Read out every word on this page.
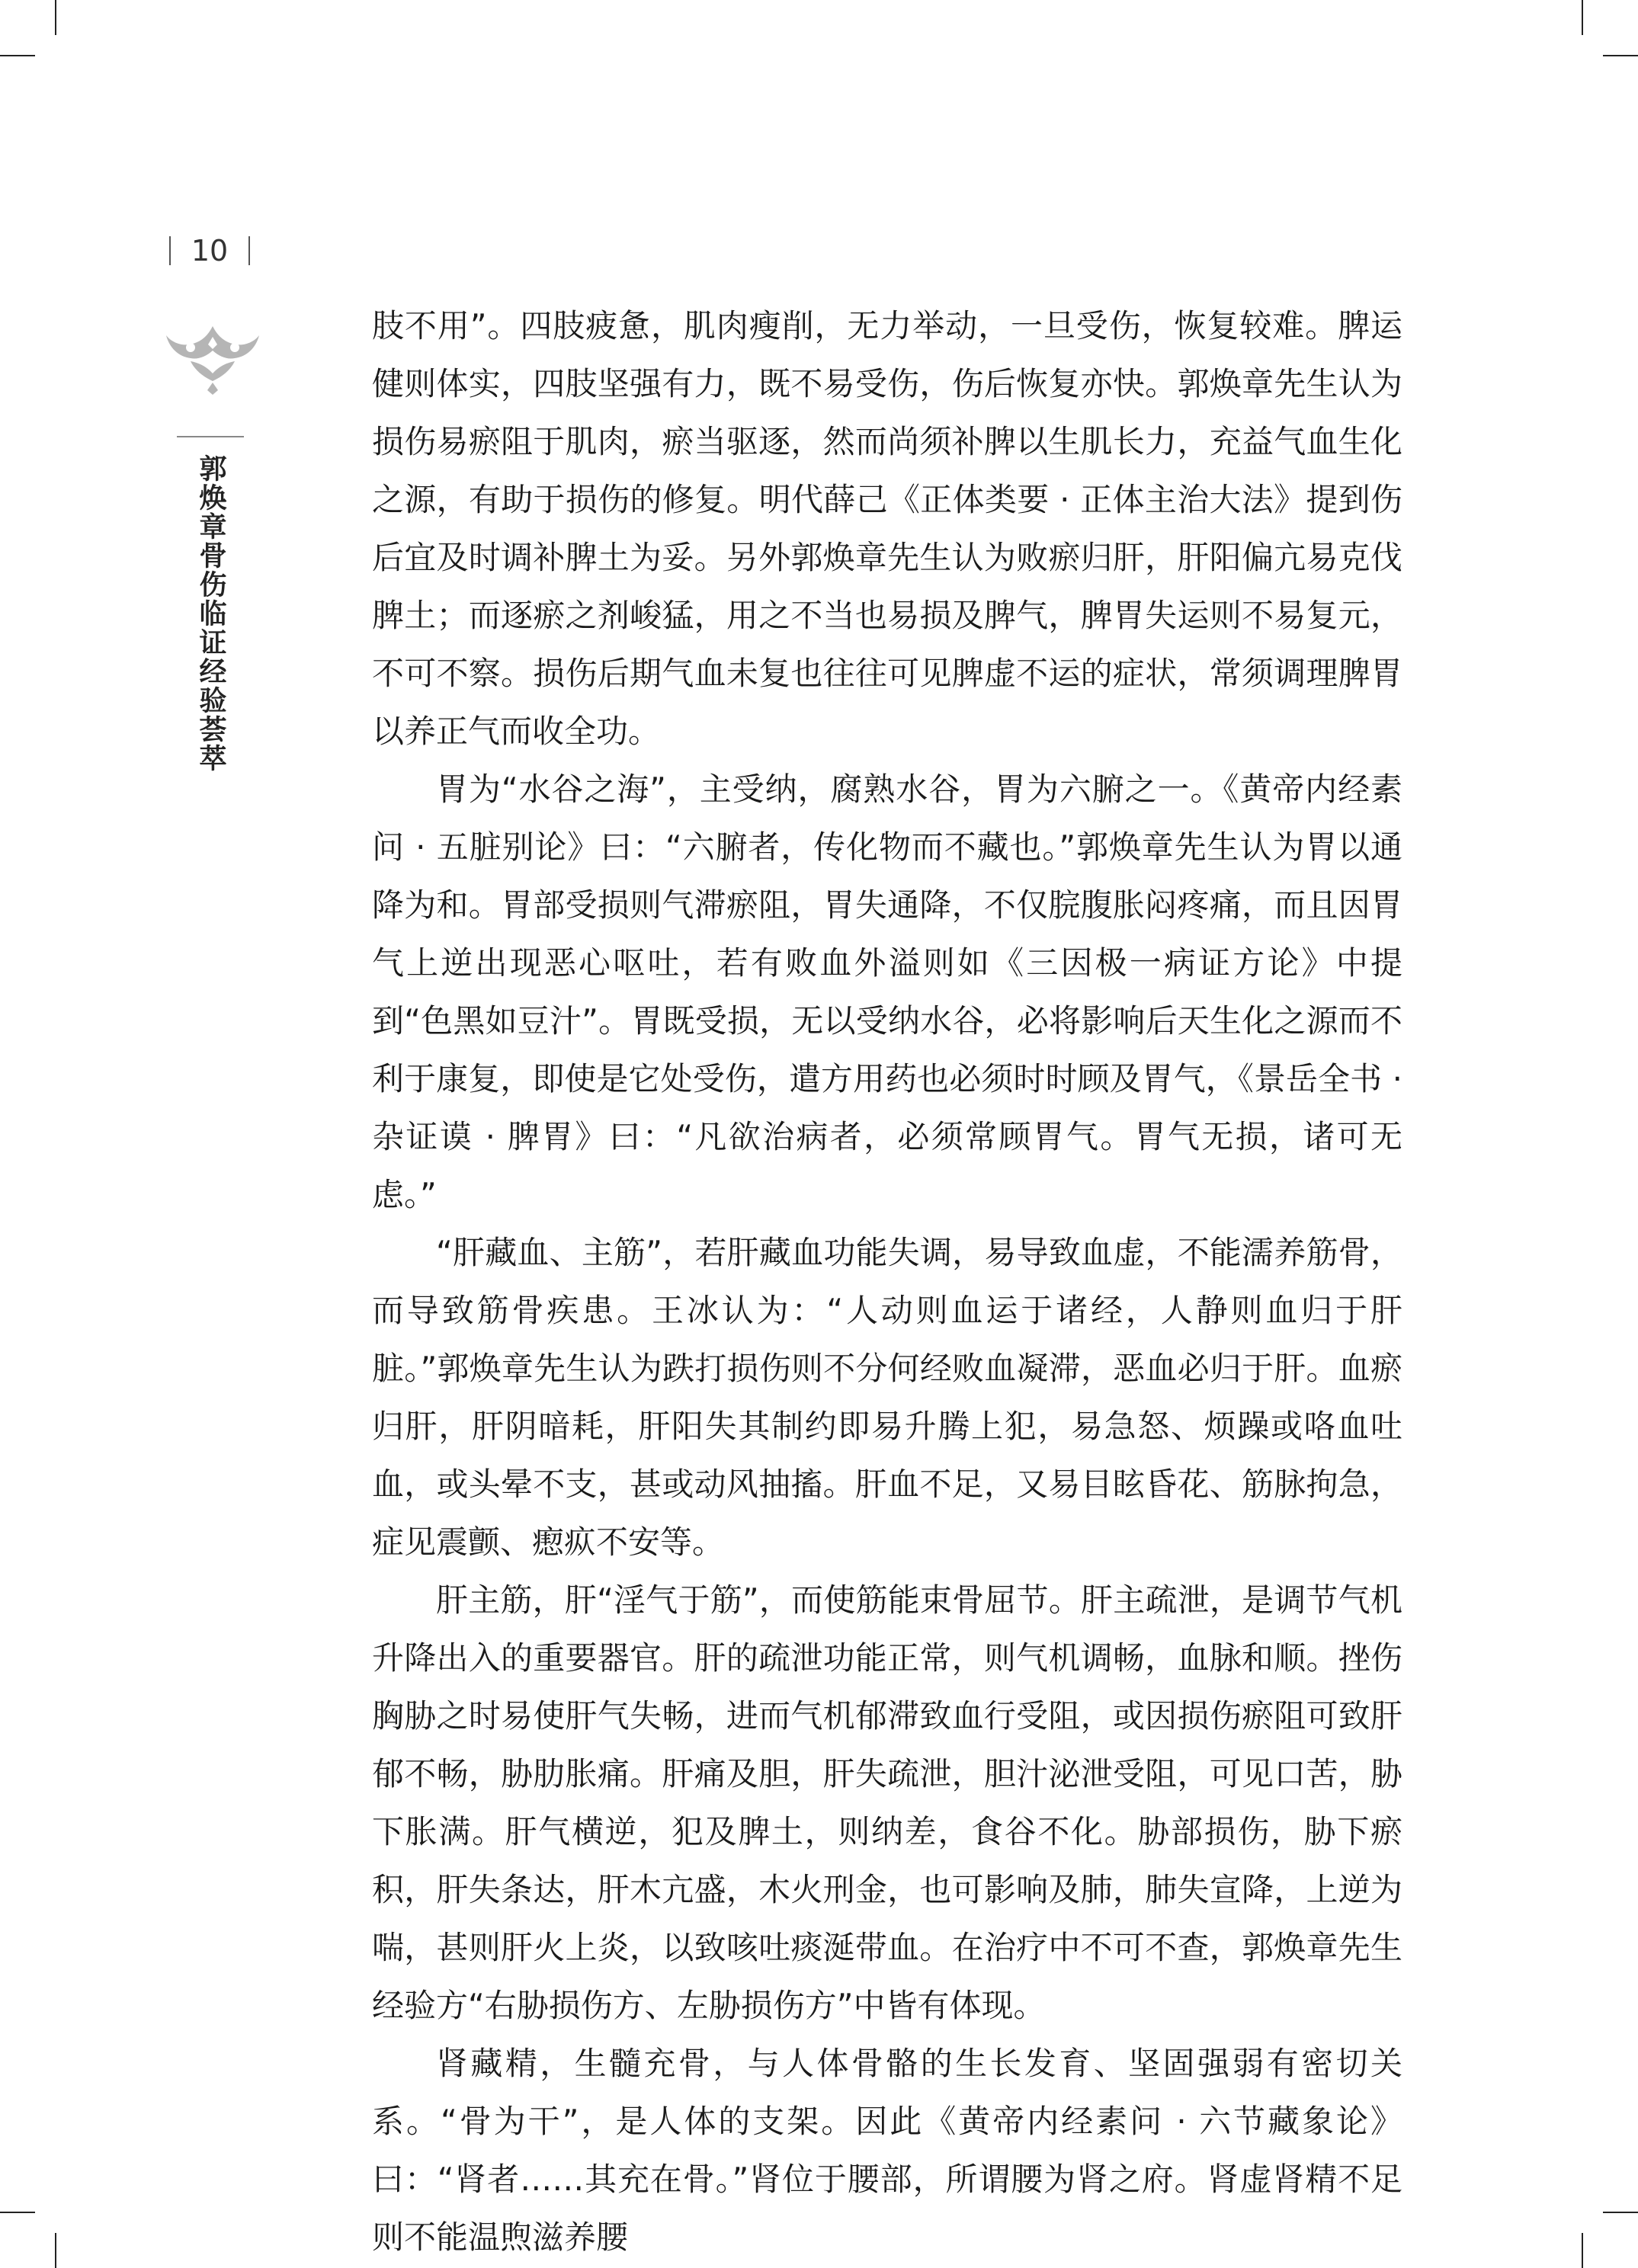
10
郭焕章骨伤临证经验荟萃

肢不用”。四肢疲惫，肌肉瘦削，无力举动，一旦受伤，恢复较难。脾运健则体实，四肢坚强有力，既不易受伤，伤后恢复亦快。郭焕章先生认为损伤易瘀阻于肌肉，瘀当驱逐，然而尚须补脾以生肌长力，充益气血生化之源，有助于损伤的修复。明代薛己《正体类要 · 正体主治大法》提到伤后宜及时调补脾土为妥。另外郭焕章先生认为败瘀归肝，肝阳偏亢易克伐脾土；而逐瘀之剂峻猛，用之不当也易损及脾气，脾胃失运则不易复元，不可不察。损伤后期气血未复也往往可见脾虚不运的症状，常须调理脾胃以养正气而收全功。

胃为“水谷之海”，主受纳，腐熟水谷，胃为六腑之一。《黄帝内经素问 · 五脏别论》曰：“六腑者，传化物而不藏也。”郭焕章先生认为胃以通降为和。胃部受损则气滞瘀阻，胃失通降，不仅脘腹胀闷疼痛，而且因胃气上逆出现恶心呕吐，若有败血外溢则如《三因极一病证方论》中提到“色黑如豆汁”。胃既受损，无以受纳水谷，必将影响后天生化之源而不利于康复，即使是它处受伤，遣方用药也必须时时顾及胃气，《景岳全书 · 杂证谟 · 脾胃》曰：“凡欲治病者，必须常顾胃气。胃气无损，诸可无虑。”

“肝藏血、主筋”，若肝藏血功能失调，易导致血虚，不能濡养筋骨，而导致筋骨疾患。王冰认为：“人动则血运于诸经，人静则血归于肝脏。”郭焕章先生认为跌打损伤则不分何经败血凝滞，恶血必归于肝。血瘀归肝，肝阴暗耗，肝阳失其制约即易升腾上犯，易急怒、烦躁或咯血吐血，或头晕不支，甚或动风抽搐。肝血不足，又易目眩昏花、筋脉拘急，症见震颤、瘛疭不安等。

肝主筋，肝“淫气于筋”，而使筋能束骨屈节。肝主疏泄，是调节气机升降出入的重要器官。肝的疏泄功能正常，则气机调畅，血脉和顺。挫伤胸胁之时易使肝气失畅，进而气机郁滞致血行受阻，或因损伤瘀阻可致肝郁不畅，胁肋胀痛。肝痛及胆，肝失疏泄，胆汁泌泄受阻，可见口苦，胁下胀满。肝气横逆，犯及脾土，则纳差，食谷不化。胁部损伤，胁下瘀积，肝失条达，肝木亢盛，木火刑金，也可影响及肺，肺失宣降，上逆为喘，甚则肝火上炎，以致咳吐痰涎带血。在治疗中不可不查，郭焕章先生经验方“右胁损伤方、左胁损伤方”中皆有体现。

肾藏精，生髓充骨，与人体骨骼的生长发育、坚固强弱有密切关系。“骨为干”，是人体的支架。因此《黄帝内经素问 · 六节藏象论》曰：“肾者……其充在骨。”肾位于腰部，所谓腰为肾之府。肾虚肾精不足则不能温煦滋养腰
